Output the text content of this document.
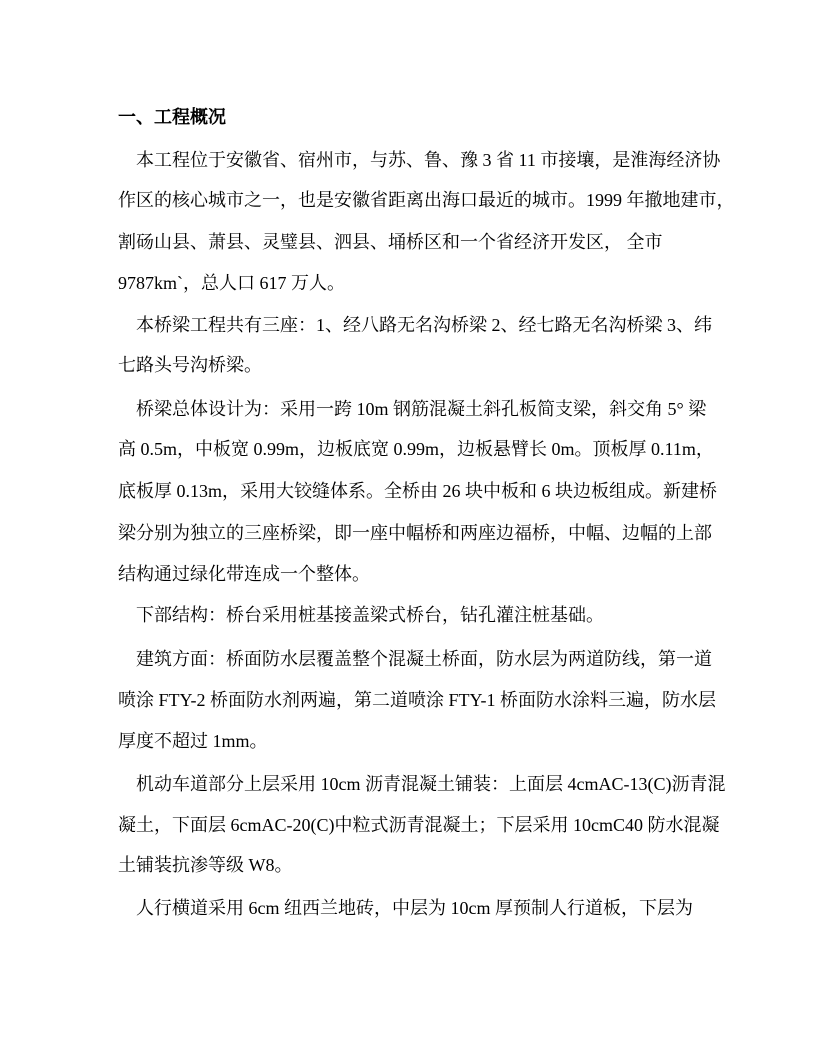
一、工程概况
本工程位于安徽省、宿州市，与苏、鲁、豫 3 省 11 市接壤，是淮海经济协
作区的核心城市之一，也是安徽省距离出海口最近的城市。1999 年撤地建市，
割砀山县、萧县、灵璧县、泗县、埇桥区和一个省经济开发区， 全市
9787km`，总人口 617 万人。
本桥梁工程共有三座：1、经八路无名沟桥梁 2、经七路无名沟桥梁 3、纬
七路头号沟桥梁。
桥梁总体设计为：采用一跨 10m 钢筋混凝土斜孔板简支梁，斜交角 5° 梁
高 0.5m，中板宽 0.99m，边板底宽 0.99m，边板悬臂长 0m。顶板厚 0.11m，
底板厚 0.13m，采用大铰缝体系。全桥由 26 块中板和 6 块边板组成。新建桥
梁分别为独立的三座桥梁，即一座中幅桥和两座边福桥，中幅、边幅的上部
结构通过绿化带连成一个整体。
下部结构：桥台采用桩基接盖梁式桥台，钻孔灌注桩基础。
建筑方面：桥面防水层覆盖整个混凝土桥面，防水层为两道防线，第一道
喷涂 FTY-2 桥面防水剂两遍，第二道喷涂 FTY-1 桥面防水涂料三遍，防水层
厚度不超过 1mm。
机动车道部分上层采用 10cm 沥青混凝土铺装：上面层 4cmAC-13(C)沥青混
凝土，下面层 6cmAC-20(C)中粒式沥青混凝土；下层采用 10cmC40 防水混凝
土铺装抗渗等级 W8。
人行横道采用 6cm 纽西兰地砖，中层为 10cm 厚预制人行道板，下层为
